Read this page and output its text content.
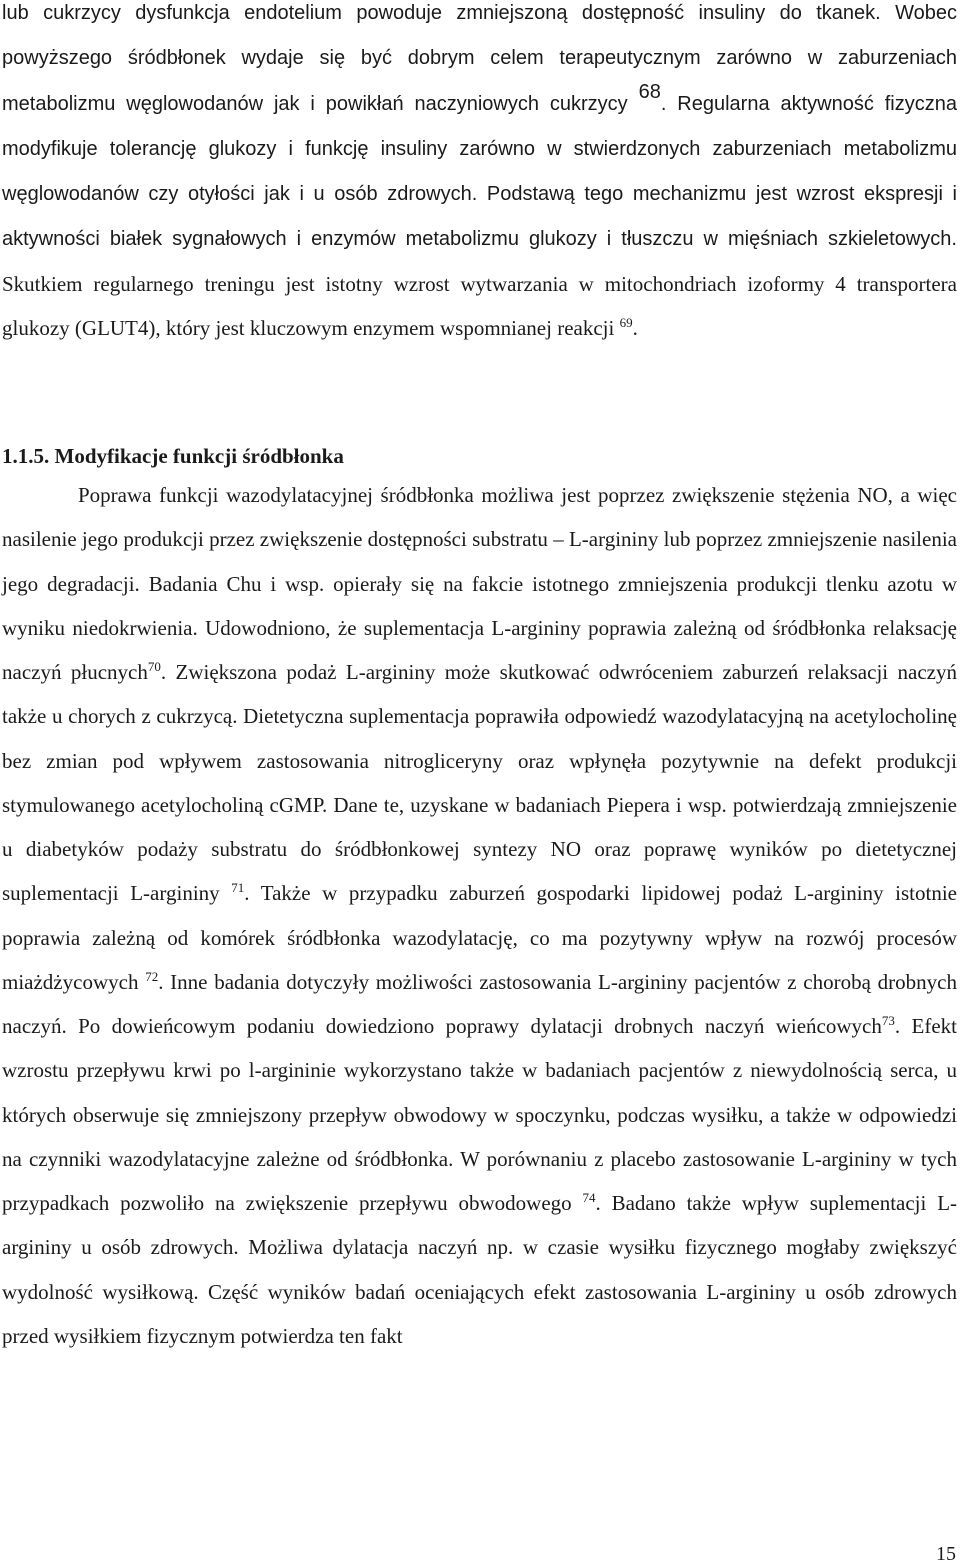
lub cukrzycy dysfunkcja endotelium powoduje zmniejszoną dostępność insuliny do tkanek. Wobec powyższego śródbłonek wydaje się być dobrym celem terapeutycznym zarówno w zaburzeniach metabolizmu węglowodanów jak i powikłań naczyniowych cukrzycy $^{68}$. Regularna aktywność fizyczna modyfikuje tolerancję glukozy i funkcję insuliny zarówno w stwierdzonych zaburzeniach metabolizmu węglowodanów czy otyłości jak i u osób zdrowych. Podstawą tego mechanizmu jest wzrost ekspresji i aktywności białek sygnałowych i enzymów metabolizmu glukozy i tłuszczu w mięśniach szkieletowych. Skutkiem regularnego treningu jest istotny wzrost wytwarzania w mitochondriach izoformy 4 transportera glukozy (GLUT4), który jest kluczowym enzymem wspomnianej reakcji $^{69}$.

1.1.5. Modyfikacje funkcji śródbłonka

Poprawa funkcji wazodylatacyjnej śródbłonka możliwa jest poprzez zwiększenie stężenia NO, a więc nasilenie jego produkcji przez zwiększenie dostępności substratu – L-argininy lub poprzez zmniejszenie nasilenia jego degradacji. Badania Chu i wsp. opierały się na fakcie istotnego zmniejszenia produkcji tlenku azotu w wyniku niedokrwienia. Udowodniono, że suplementacja L-argininy poprawia zależną od śródbłonka relaksację naczyń płucnych$^{70}$. Zwiększona podaż L-argininy może skutkować odwróceniem zaburzeń relaksacji naczyń także u chorych z cukrzycą. Dietetyczna suplementacja poprawiła odpowiedź wazodylatacyjną na acetylocholinę bez zmian pod wpływem zastosowania nitrogliceryny oraz wpłynęła pozytywnie na defekt produkcji stymulowanego acetylocholiną cGMP. Dane te, uzyskane w badaniach Piepera i wsp. potwierdzają zmniejszenie u diabetyków podaży substratu do śródbłonkowej syntezy NO oraz poprawę wyników po dietetycznej suplementacji L-argininy $^{71}$. Także w przypadku zaburzeń gospodarki lipidowej podaż L-argininy istotnie poprawia zależną od komórek śródbłonka wazodylatację, co ma pozytywny wpływ na rozwój procesów miażdżycowych $^{72}$. Inne badania dotyczyły możliwości zastosowania L-argininy pacjentów z chorobą drobnych naczyń. Po dowieńcowym podaniu dowiedziono poprawy dylatacji drobnych naczyń wieńcowych$^{73}$. Efekt wzrostu przepływu krwi po l-argininie wykorzystano także w badaniach pacjentów z niewydolnością serca, u których obserwuje się zmniejszony przepływ obwodowy w spoczynku, podczas wysiłku, a także w odpowiedzi na czynniki wazodylatacyjne zależne od śródbłonka. W porównaniu z placebo zastosowanie L-argininy w tych przypadkach pozwoliło na zwiększenie przepływu obwodowego $^{74}$. Badano także wpływ suplementacji L-argininy u osób zdrowych. Możliwa dylatacja naczyń np. w czasie wysiłku fizycznego mogłaby zwiększyć wydolność wysiłkową. Część wyników badań oceniających efekt zastosowania L-argininy u osób zdrowych przed wysiłkiem fizycznym potwierdza ten fakt

15
